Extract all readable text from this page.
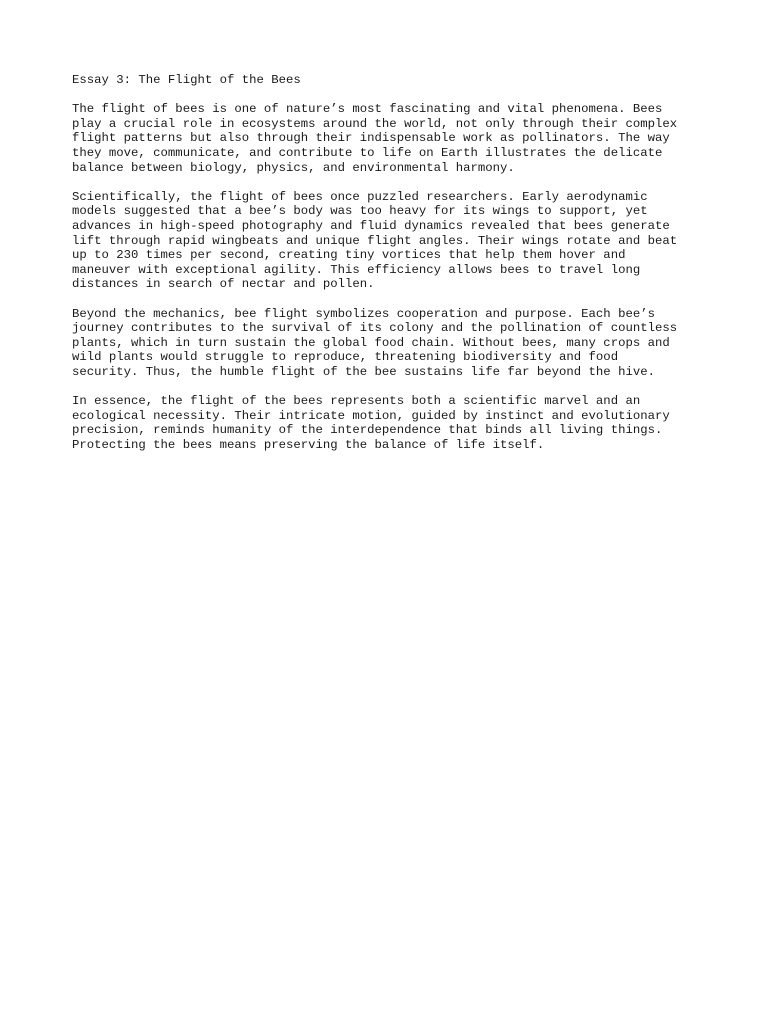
Essay 3: The Flight of the Bees
The flight of bees is one of nature’s most fascinating and vital phenomena. Bees
play a crucial role in ecosystems around the world, not only through their complex
flight patterns but also through their indispensable work as pollinators. The way
they move, communicate, and contribute to life on Earth illustrates the delicate
balance between biology, physics, and environmental harmony.
Scientifically, the flight of bees once puzzled researchers. Early aerodynamic
models suggested that a bee’s body was too heavy for its wings to support, yet
advances in high-speed photography and fluid dynamics revealed that bees generate
lift through rapid wingbeats and unique flight angles. Their wings rotate and beat
up to 230 times per second, creating tiny vortices that help them hover and
maneuver with exceptional agility. This efficiency allows bees to travel long
distances in search of nectar and pollen.
Beyond the mechanics, bee flight symbolizes cooperation and purpose. Each bee’s
journey contributes to the survival of its colony and the pollination of countless
plants, which in turn sustain the global food chain. Without bees, many crops and
wild plants would struggle to reproduce, threatening biodiversity and food
security. Thus, the humble flight of the bee sustains life far beyond the hive.
In essence, the flight of the bees represents both a scientific marvel and an
ecological necessity. Their intricate motion, guided by instinct and evolutionary
precision, reminds humanity of the interdependence that binds all living things.
Protecting the bees means preserving the balance of life itself.
